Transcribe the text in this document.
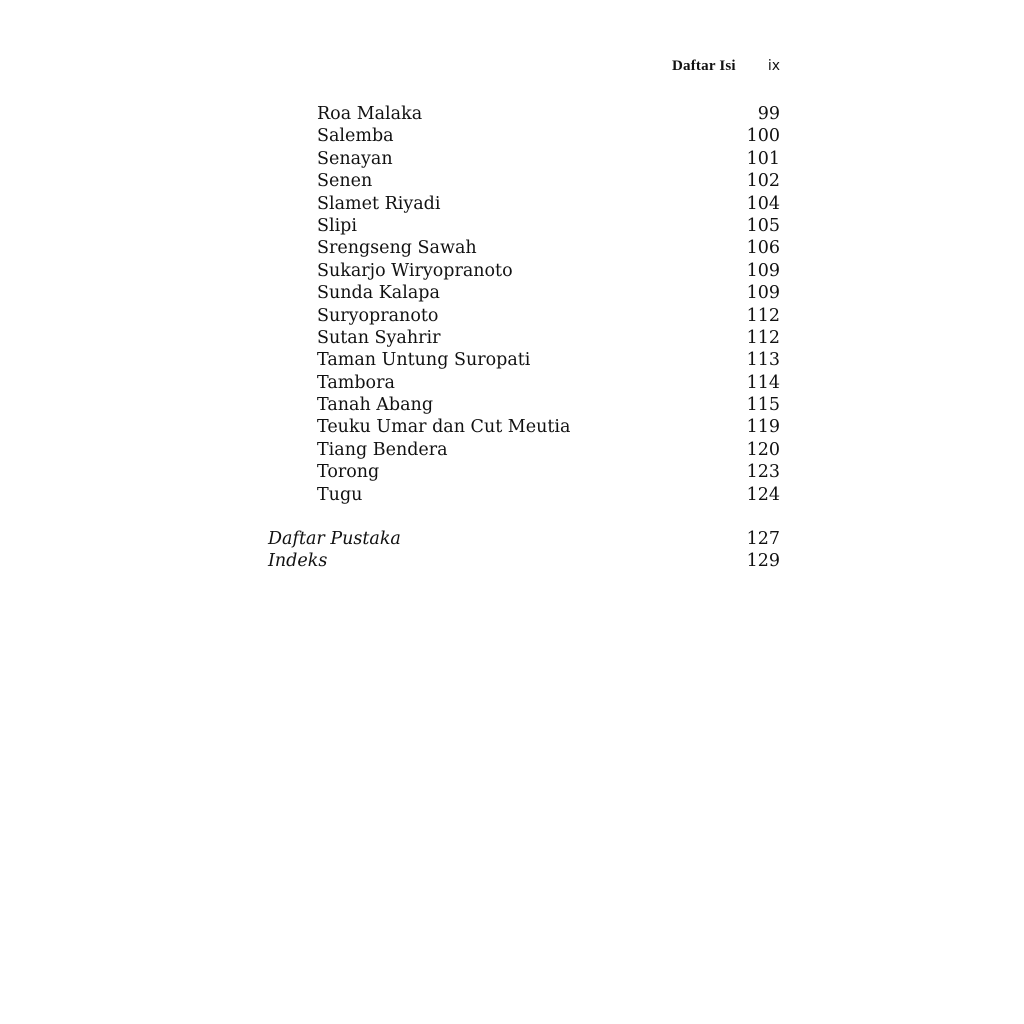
Daftar Isi ix
Roa Malaka	99
Salemba	100
Senayan	101
Senen	102
Slamet Riyadi	104
Slipi	105
Srengseng Sawah	106
Sukarjo Wiryopranoto	109
Sunda Kalapa	109
Suryopranoto	112
Sutan Syahrir	112
Taman Untung Suropati	113
Tambora	114
Tanah Abang	115
Teuku Umar dan Cut Meutia	119
Tiang Bendera	120
Torong	123
Tugu	124
Daftar Pustaka	127
Indeks	129
